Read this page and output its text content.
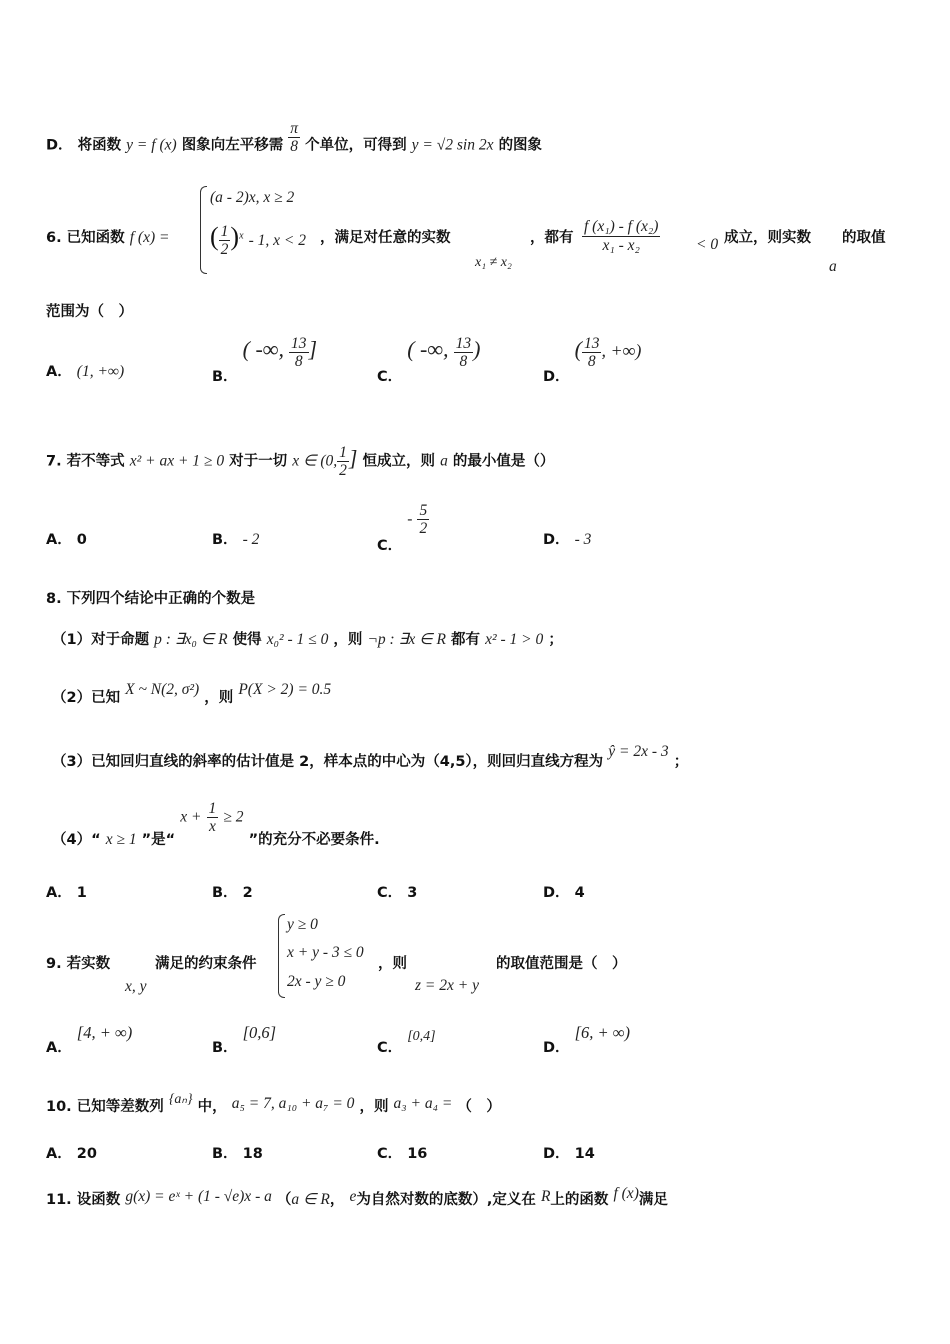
D． 将函数 y = f (x) 图象向左平移需 $\frac{\pi}{8}$ 个单位，可得到 y = √2 sin 2x 的图象
6. 已知函数 f (x) =
(a - 2)x, x ≥ 2
( $\frac{1}{2} )^x - 1$, x < 2 ，满足对任意的实数
x₁ ≠ x₂
，都有 $\frac{\text{f (x₁) - f (x₂)}}{\text{x₁ - x₂}} < 0$ 成立，则实数
a
的取值
范围为（　）
A． (1, +∞)	B． ( -∞, $\frac{13}{8}$ ]
C． ( -∞, $\frac{13}{8}$ )
D． ( $\frac{13}{8}$ , +∞)
7. 若不等式 x² + ax + 1 ≥ 0 对于一切 x ∈ (0, $\frac{1}{2}$ ] 恒成立，则 a 的最小值是（）
A． 0	B． - 2	C． - $\frac{5}{2}$
D． - 3
8. 下列四个结论中正确的个数是
（1）对于命题 p : ∃x₀ ∈ R 使得 x₀² - 1 ≤ 0 ，则 ¬p : ∃x ∈ R 都有 x² - 1 > 0 ；
（2）已知 X ~ N(2, σ²) ，则 P(X > 2) = 0.5
（3）已知回归直线的斜率的估计值是 2，样本点的中心为（4,5），则回归直线方程为 ŷ = 2x - 3 ；
（4）“ x ≥ 1 ”是“ $x + \frac{1}{x} \ge 2$ ”的充分不必要条件.
A． 1	B． 2	C． 3	D． 4
9. 若实数
x, y
满足的约束条件
y ≥ 0
x + y - 3 ≤ 0
2x - y ≥ 0
，则
z = 2x + y
的取值范围是（　）
A． [4, + ∞)
B． [0,6]
C． [0,4]
D． [6, + ∞)
10. 已知等差数列 {aₙ} 中， a₅ = 7, a₁₀ + a₇ = 0 ，则 a₃ + a₄ = （　）
A． 20	B． 18	C． 16	D． 14
11. 设函数 g(x) = eˣ + (1 - √e)x - a （a ∈ R， e为自然对数的底数）,定义在 R上的函数 f (x)满足
